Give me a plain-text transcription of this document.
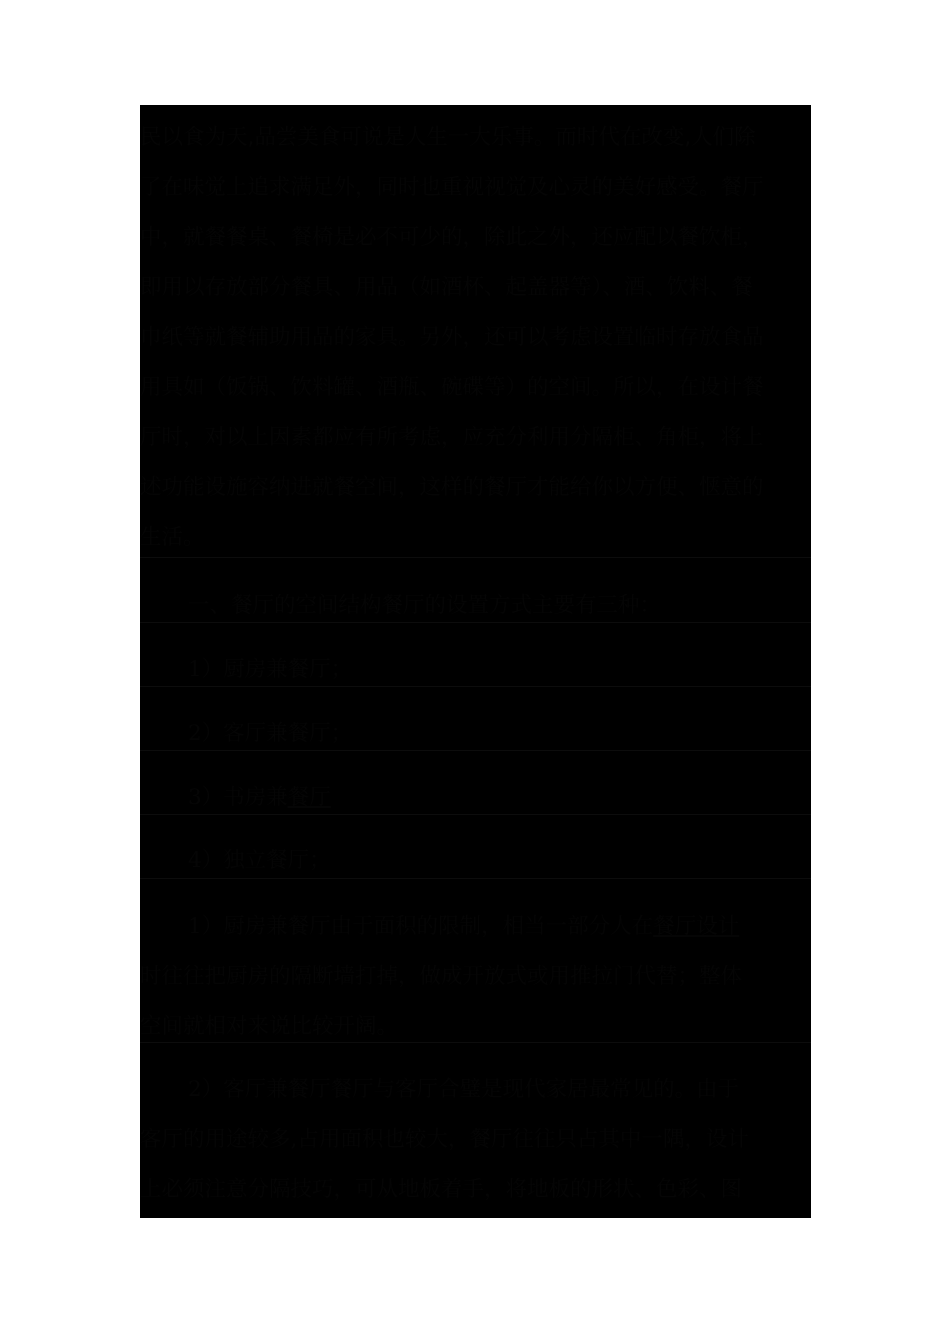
民以食为天,品尝美食可说是人生一大乐事。而时代在改变,人们除
了在味觉上追求满足外，同时也重视视觉及心灵的美好感受。餐厅
中，就餐餐桌、餐椅是必不可少的，除此之外，还应配以餐饮柜，
即用以存放部分餐具、用品（如酒杯、起盖器等）、酒、饮料、餐
巾纸等就餐辅助用品的家具。另外，还可以考虑设置临时存放食品
用具如（饭锅、饮料罐、酒瓶、碗碟等）的空间。所以，在设计餐
厅时，对以上因素都应有所考虑，应充分利用分隔柜、角柜，将上
述功能设施容纳进就餐空间，这样的餐厅才能给你以方便、惬意的
生活。
一、餐厅的空间结构餐厅的设置方式主要有三种：
1）厨房兼餐厅；
2）客厅兼餐厅；
3）书房兼餐厅
4）独立餐厅；
1）厨房兼餐厅由于面积的限制，相当一部分人在餐厅设计
时往往把厨房的隔断墙打掉，做成开放式或用推拉门代替；整体
空间就相对来说比较开阔。
2）客厅兼餐厅餐厅与客厅合璧是现代家居最常见的。由于
客厅的用途较多,占用面积也较大，餐厅往往只占其中一隅，设计
上必须注意分隔技巧，可从地板着手，将地板的形状、色彩、图
